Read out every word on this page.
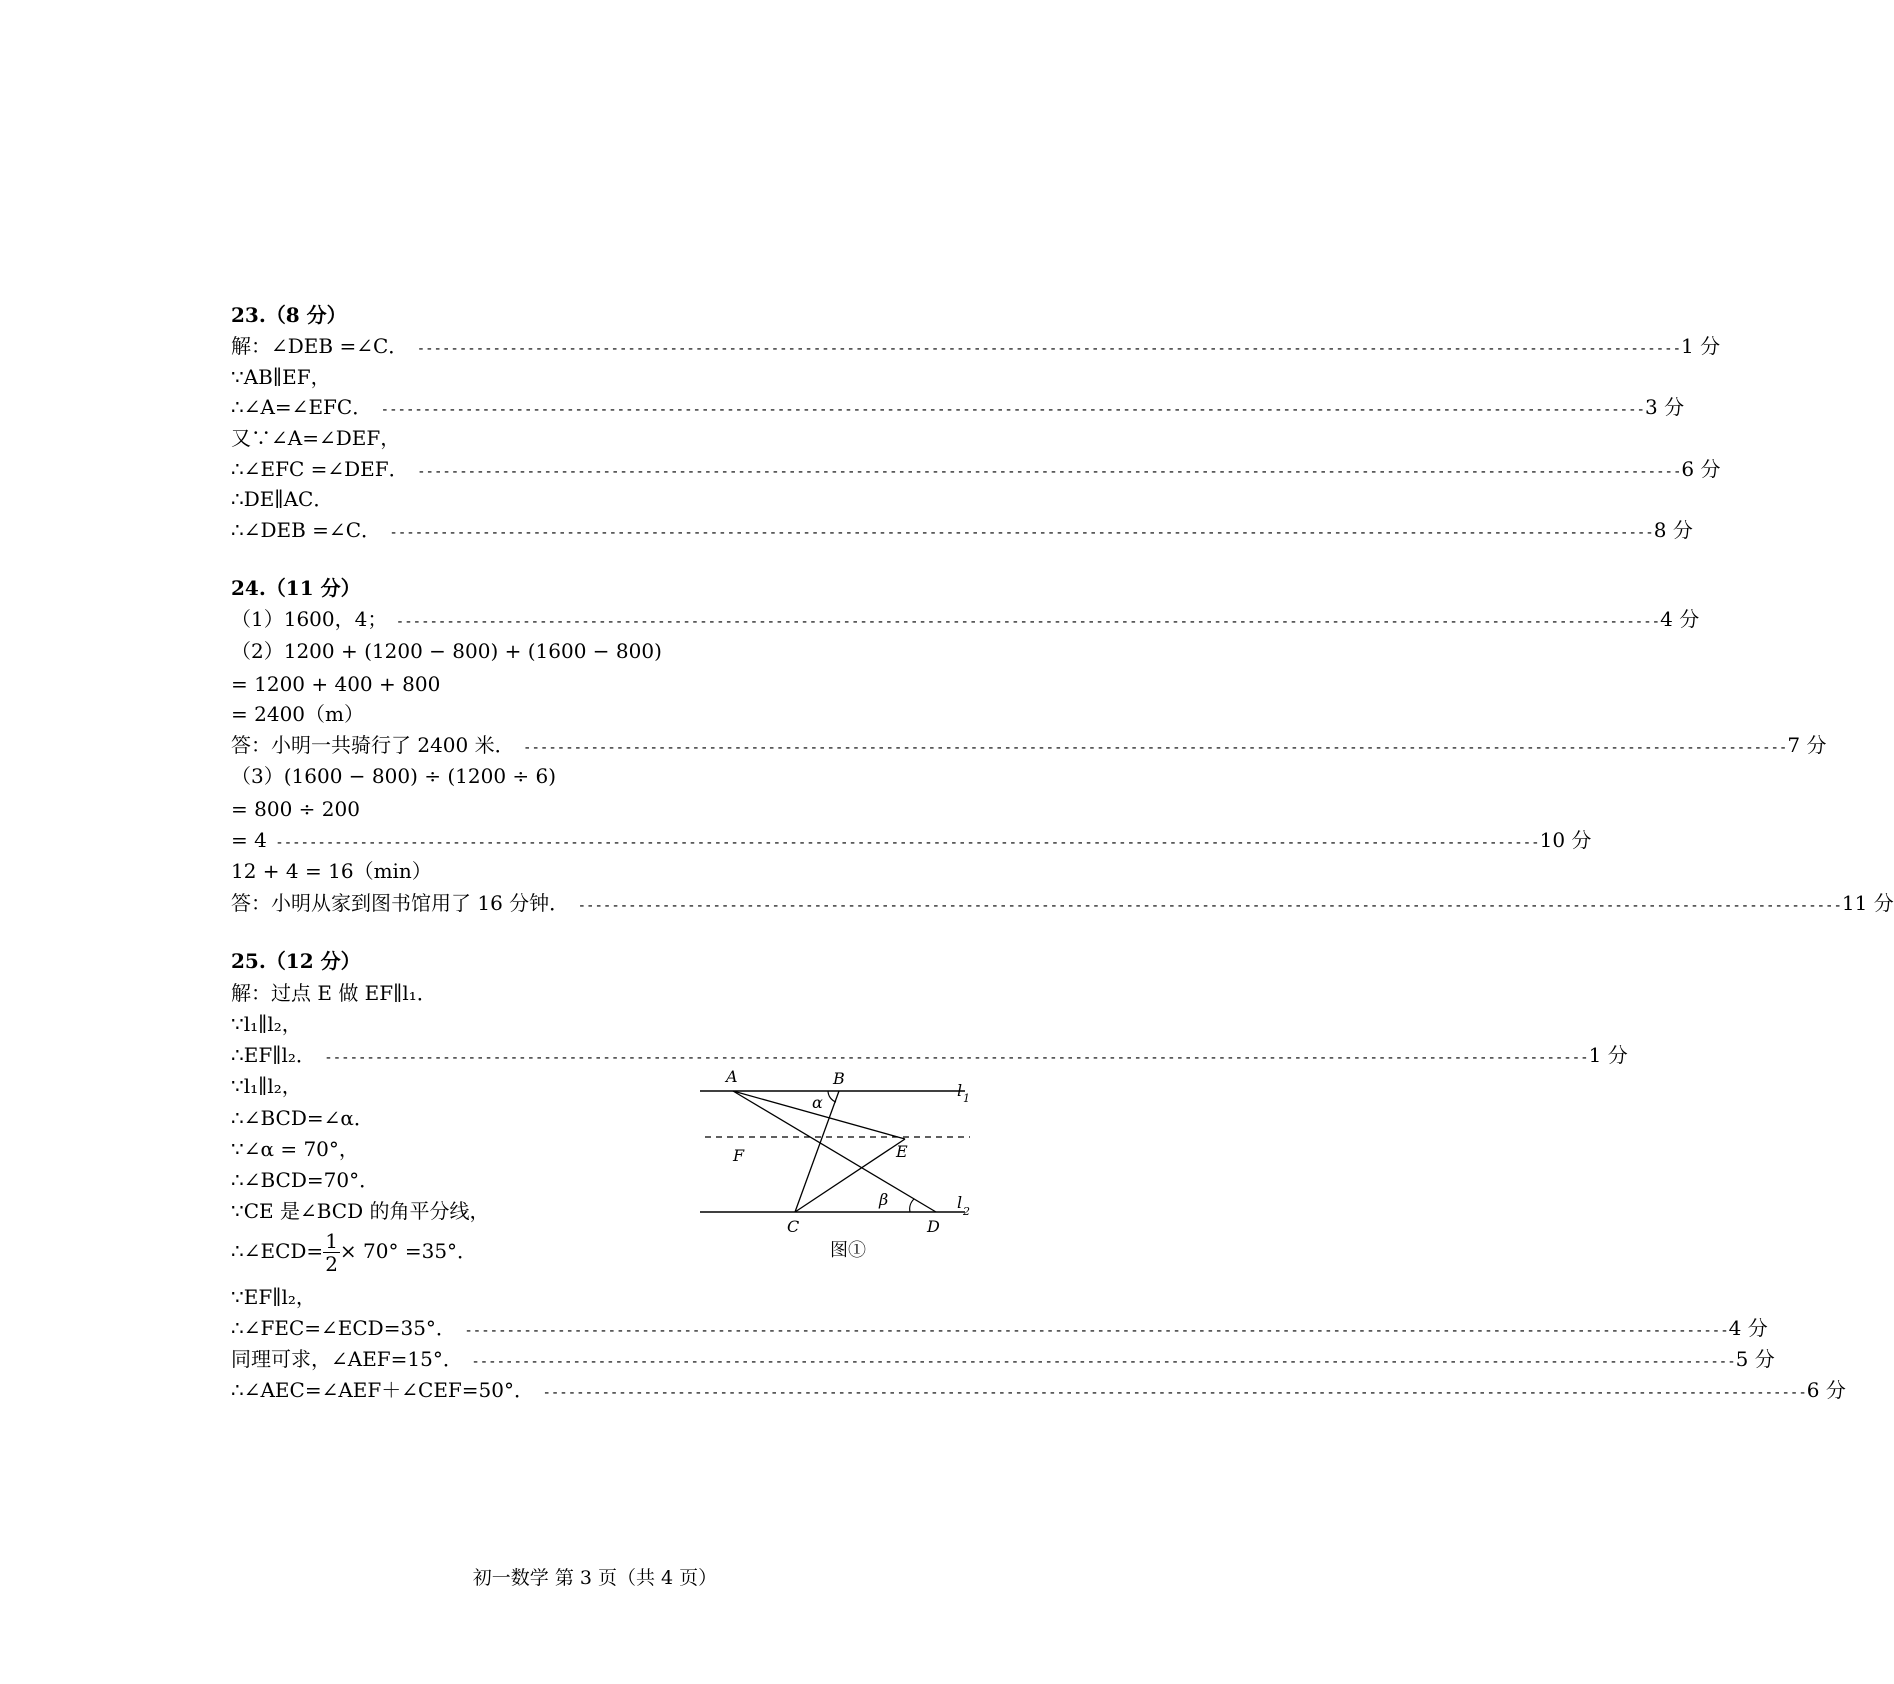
23.（8 分）
解：∠DEB =∠C． ------------------------------------------------------------------------------------------------------------------------------------------------------ 1 分
∵AB∥EF，
∴∠A=∠EFC． ------------------------------------------------------------------------------------------------------------------------------------------------------ 3 分
又∵∠A=∠DEF，
∴∠EFC =∠DEF． ------------------------------------------------------------------------------------------------------------------------------------------------------ 6 分
∴DE∥AC．
∴∠DEB =∠C． ------------------------------------------------------------------------------------------------------------------------------------------------------ 8 分
24.（11 分）
（1）1600，4； ------------------------------------------------------------------------------------------------------------------------------------------------------ 4 分
（2）1200 + (1200 − 800) + (1600 − 800)
= 1200 + 400 + 800
= 2400（m）
答：小明一共骑行了 2400 米． ------------------------------------------------------------------------------------------------------------------------------------------------------ 7 分
（3）(1600 − 800) ÷ (1200 ÷ 6)
= 800 ÷ 200
= 4 ------------------------------------------------------------------------------------------------------------------------------------------------------ 10 分
12 + 4 = 16（min）
答：小明从家到图书馆用了 16 分钟． ------------------------------------------------------------------------------------------------------------------------------------------------------ 11 分
25.（12 分）
解：过点 E 做 EF∥l₁．
∵l₁∥l₂，
∴EF∥l₂． ------------------------------------------------------------------------------------------------------------------------------------------------------ 1 分
∵l₁∥l₂，
∴∠BCD=∠α．
∵∠α = 70°，
∴∠BCD=70°．
∵CE 是∠BCD 的角平分线，
∴∠ECD= $\frac{1}{2} \times 70^\circ =35^\circ$．
∵EF∥l₂，
∴∠FEC=∠ECD=35°． ------------------------------------------------------------------------------------------------------------------------------------------------------ 4 分
同理可求，∠AEF=15°． ------------------------------------------------------------------------------------------------------------------------------------------------------ 5 分
∴∠AEC=∠AEF＋∠CEF=50°． ------------------------------------------------------------------------------------------------------------------------------------------------------ 6 分
A	B
α
l 1
F	E
β	l 2
C	D
图①
初一数学 第 3 页（共 4 页）
